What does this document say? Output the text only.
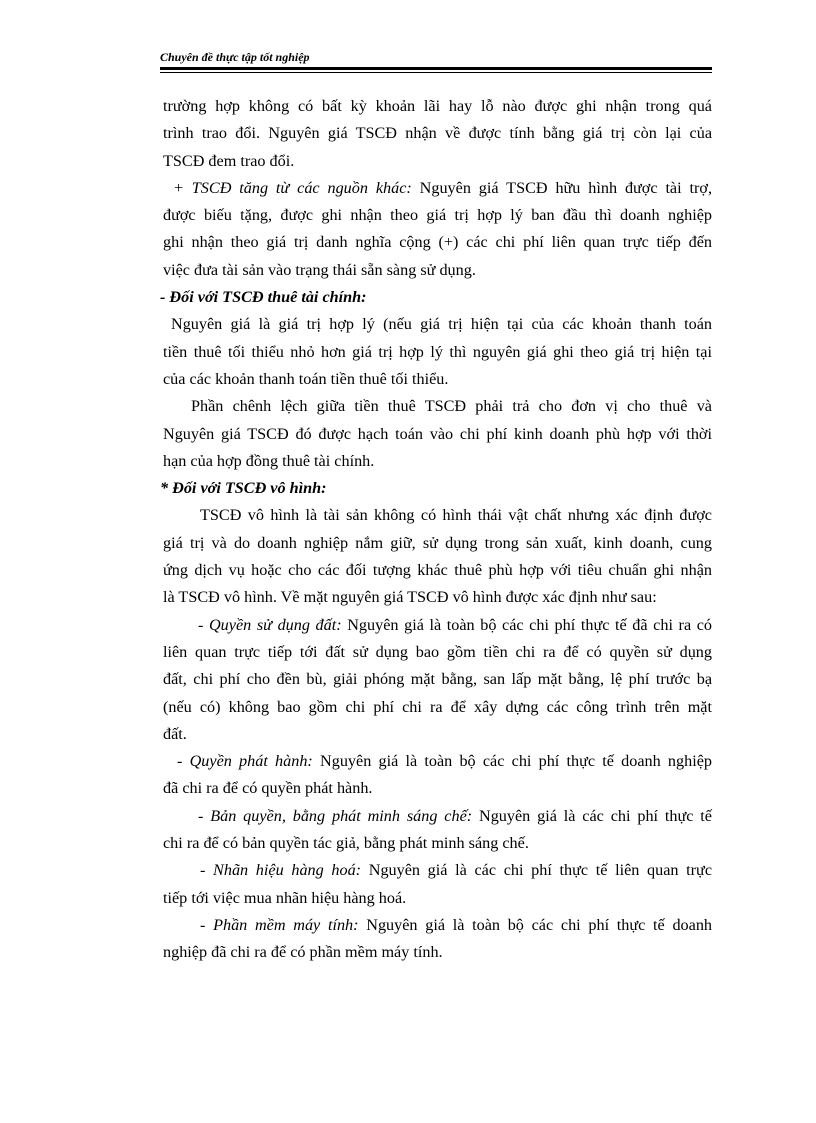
Chuyên đề thực tập tốt nghiệp

trường hợp không có bất kỳ khoản lãi hay lỗ nào được ghi nhận trong quá

trình trao đổi. Nguyên giá TSCĐ nhận về được tính bằng giá trị còn lại của

TSCĐ đem trao đổi.

+ TSCĐ tăng từ các nguồn khác: Nguyên giá TSCĐ hữu hình được tài trợ,

được biếu tặng, được ghi nhận theo giá trị hợp lý ban đầu thì doanh nghiệp

ghi nhận theo giá trị danh nghĩa cộng (+) các chi phí liên quan trực tiếp đến

việc đưa tài sản vào trạng thái sẵn sàng sử dụng.

- Đối với TSCĐ thuê tài chính:

Nguyên giá là giá trị hợp lý (nếu giá trị hiện tại của các khoản thanh toán

tiền thuê tối thiểu nhỏ hơn giá trị hợp lý thì nguyên giá ghi theo giá trị hiện tại

của các khoản thanh toán tiền thuê tối thiểu.

Phần chênh lệch giữa tiền thuê TSCĐ phải trả cho đơn vị cho thuê và

Nguyên giá TSCĐ đó được hạch toán vào chi phí kinh doanh phù hợp với thời

hạn của hợp đồng thuê tài chính.

* Đối với TSCĐ vô hình:

TSCĐ vô hình là tài sản không có hình thái vật chất nhưng xác định được

giá trị và do doanh nghiệp nắm giữ, sử dụng trong sản xuất, kinh doanh, cung

ứng dịch vụ hoặc cho các đối tượng khác thuê phù hợp với tiêu chuẩn ghi nhận

là TSCĐ vô hình. Về mặt nguyên giá TSCĐ vô hình được xác định như sau:

- Quyền sử dụng đất: Nguyên giá là toàn bộ các chi phí thực tế đã chi ra có

liên quan trực tiếp tới đất sử dụng bao gồm tiền chi ra để có quyền sử dụng

đất, chi phí cho đền bù, giải phóng mặt bằng, san lấp mặt bằng, lệ phí trước bạ

(nếu có) không bao gồm chi phí chi ra để xây dựng các công trình trên mặt

đất.

- Quyền phát hành: Nguyên giá là toàn bộ các chi phí thực tế doanh nghiệp

đã chi ra để có quyền phát hành.

- Bản quyền, bằng phát minh sáng chế: Nguyên giá là các chi phí thực tế

chi ra để có bản quyền tác giả, bằng phát minh sáng chế.

- Nhãn hiệu hàng hoá: Nguyên giá là các chi phí thực tế liên quan trực

tiếp tới việc mua nhãn hiệu hàng hoá.

- Phần mềm máy tính: Nguyên giá là toàn bộ các chi phí thực tế doanh

nghiệp đã chi ra để có phần mềm máy tính.
